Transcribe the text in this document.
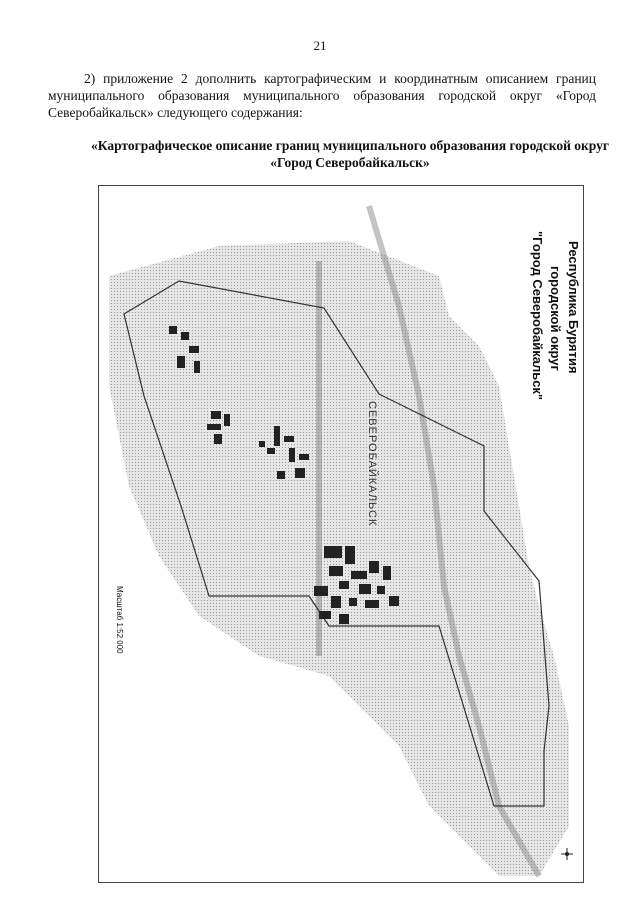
21

2) приложение 2 дополнить картографическим и координатным описанием границ муниципального образования муниципального образования городской округ «Город Северобайкальск» следующего содержания:

«Картографическое описание границ муниципального образования городской округ «Город Северобайкальск»

Республика Бурятия
городской округ
"Город Северобайкальск"
СЕВЕРОБАЙКАЛЬСК
Масштаб 1:52 000
